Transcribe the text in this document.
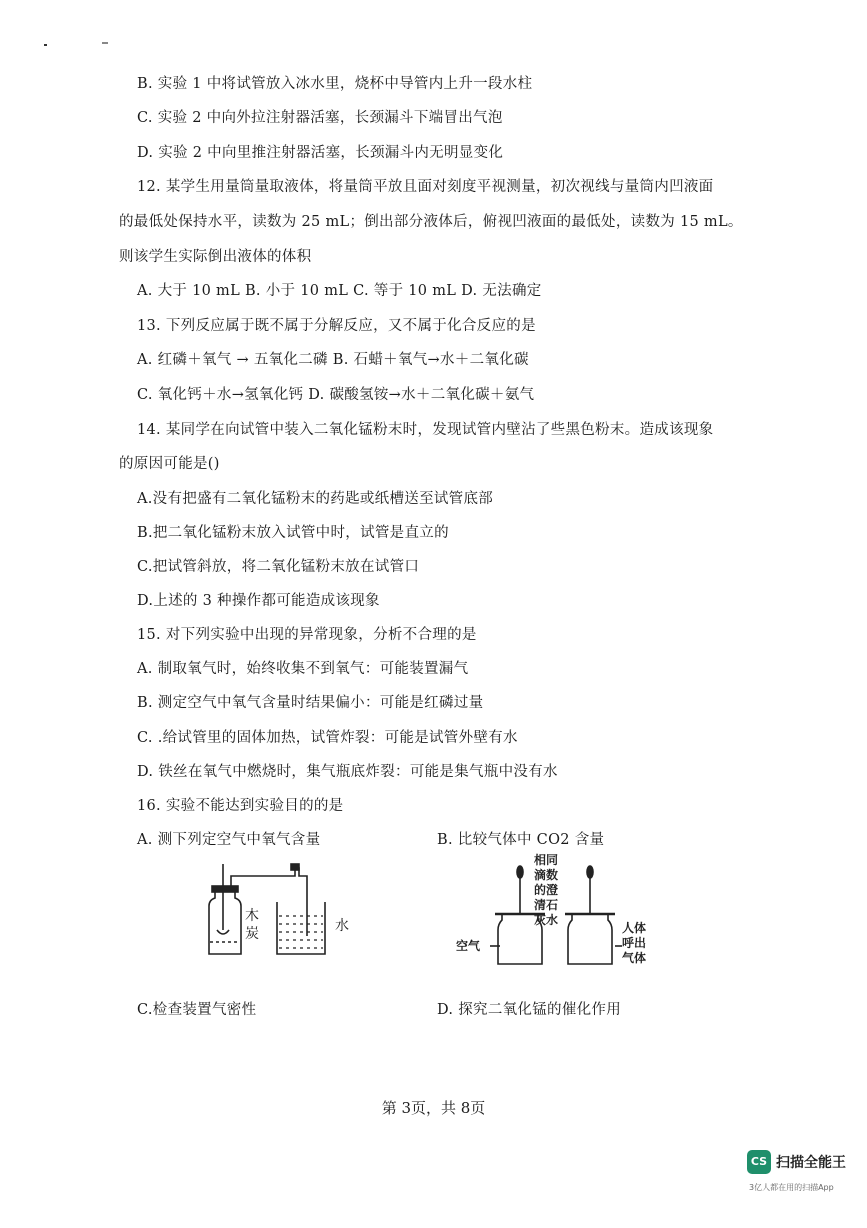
B. 实验 1 中将试管放入冰水里，烧杯中导管内上升一段水柱
C. 实验 2 中向外拉注射器活塞，长颈漏斗下端冒出气泡
D. 实验 2 中向里推注射器活塞，长颈漏斗内无明显变化
12. 某学生用量筒量取液体，将量筒平放且面对刻度平视测量，初次视线与量筒内凹液面
的最低处保持水平，读数为 25 mL；倒出部分液体后，俯视凹液面的最低处，读数为 15 mL。
则该学生实际倒出液体的体积
A. 大于 10 mL B. 小于 10 mL C. 等于 10 mL D. 无法确定
13. 下列反应属于既不属于分解反应，又不属于化合反应的是
A. 红磷＋氧气 → 五氧化二磷 B. 石蜡＋氧气→水＋二氧化碳
C. 氧化钙＋水→氢氧化钙 D. 碳酸氢铵→水＋二氧化碳＋氨气
14. 某同学在向试管中装入二氧化锰粉末时，发现试管内壁沾了些黑色粉末。造成该现象
的原因可能是()
A.没有把盛有二氧化锰粉末的药匙或纸槽送至试管底部
B.把二氧化锰粉末放入试管中时，试管是直立的
C.把试管斜放，将二氧化锰粉末放在试管口
D.上述的 3 种操作都可能造成该现象
15. 对下列实验中出现的异常现象，分析不合理的是
A. 制取氧气时，始终收集不到氧气：可能装置漏气
B. 测定空气中氧气含量时结果偏小：可能是红磷过量
C. .给试管里的固体加热，试管炸裂：可能是试管外壁有水
D. 铁丝在氧气中燃烧时，集气瓶底炸裂：可能是集气瓶中没有水
16. 实验不能达到实验目的的是
A. 测下列定空气中氧气含量	B. 比较气体中 CO2 含量
C.检查装置气密性	D. 探究二氧化锰的催化作用
木
炭	水
相同
滴数
的澄
清石
灰水
空气
人体
呼出
气体
第 3页，共 8页
CS 扫描全能王
3亿人都在用的扫描App
